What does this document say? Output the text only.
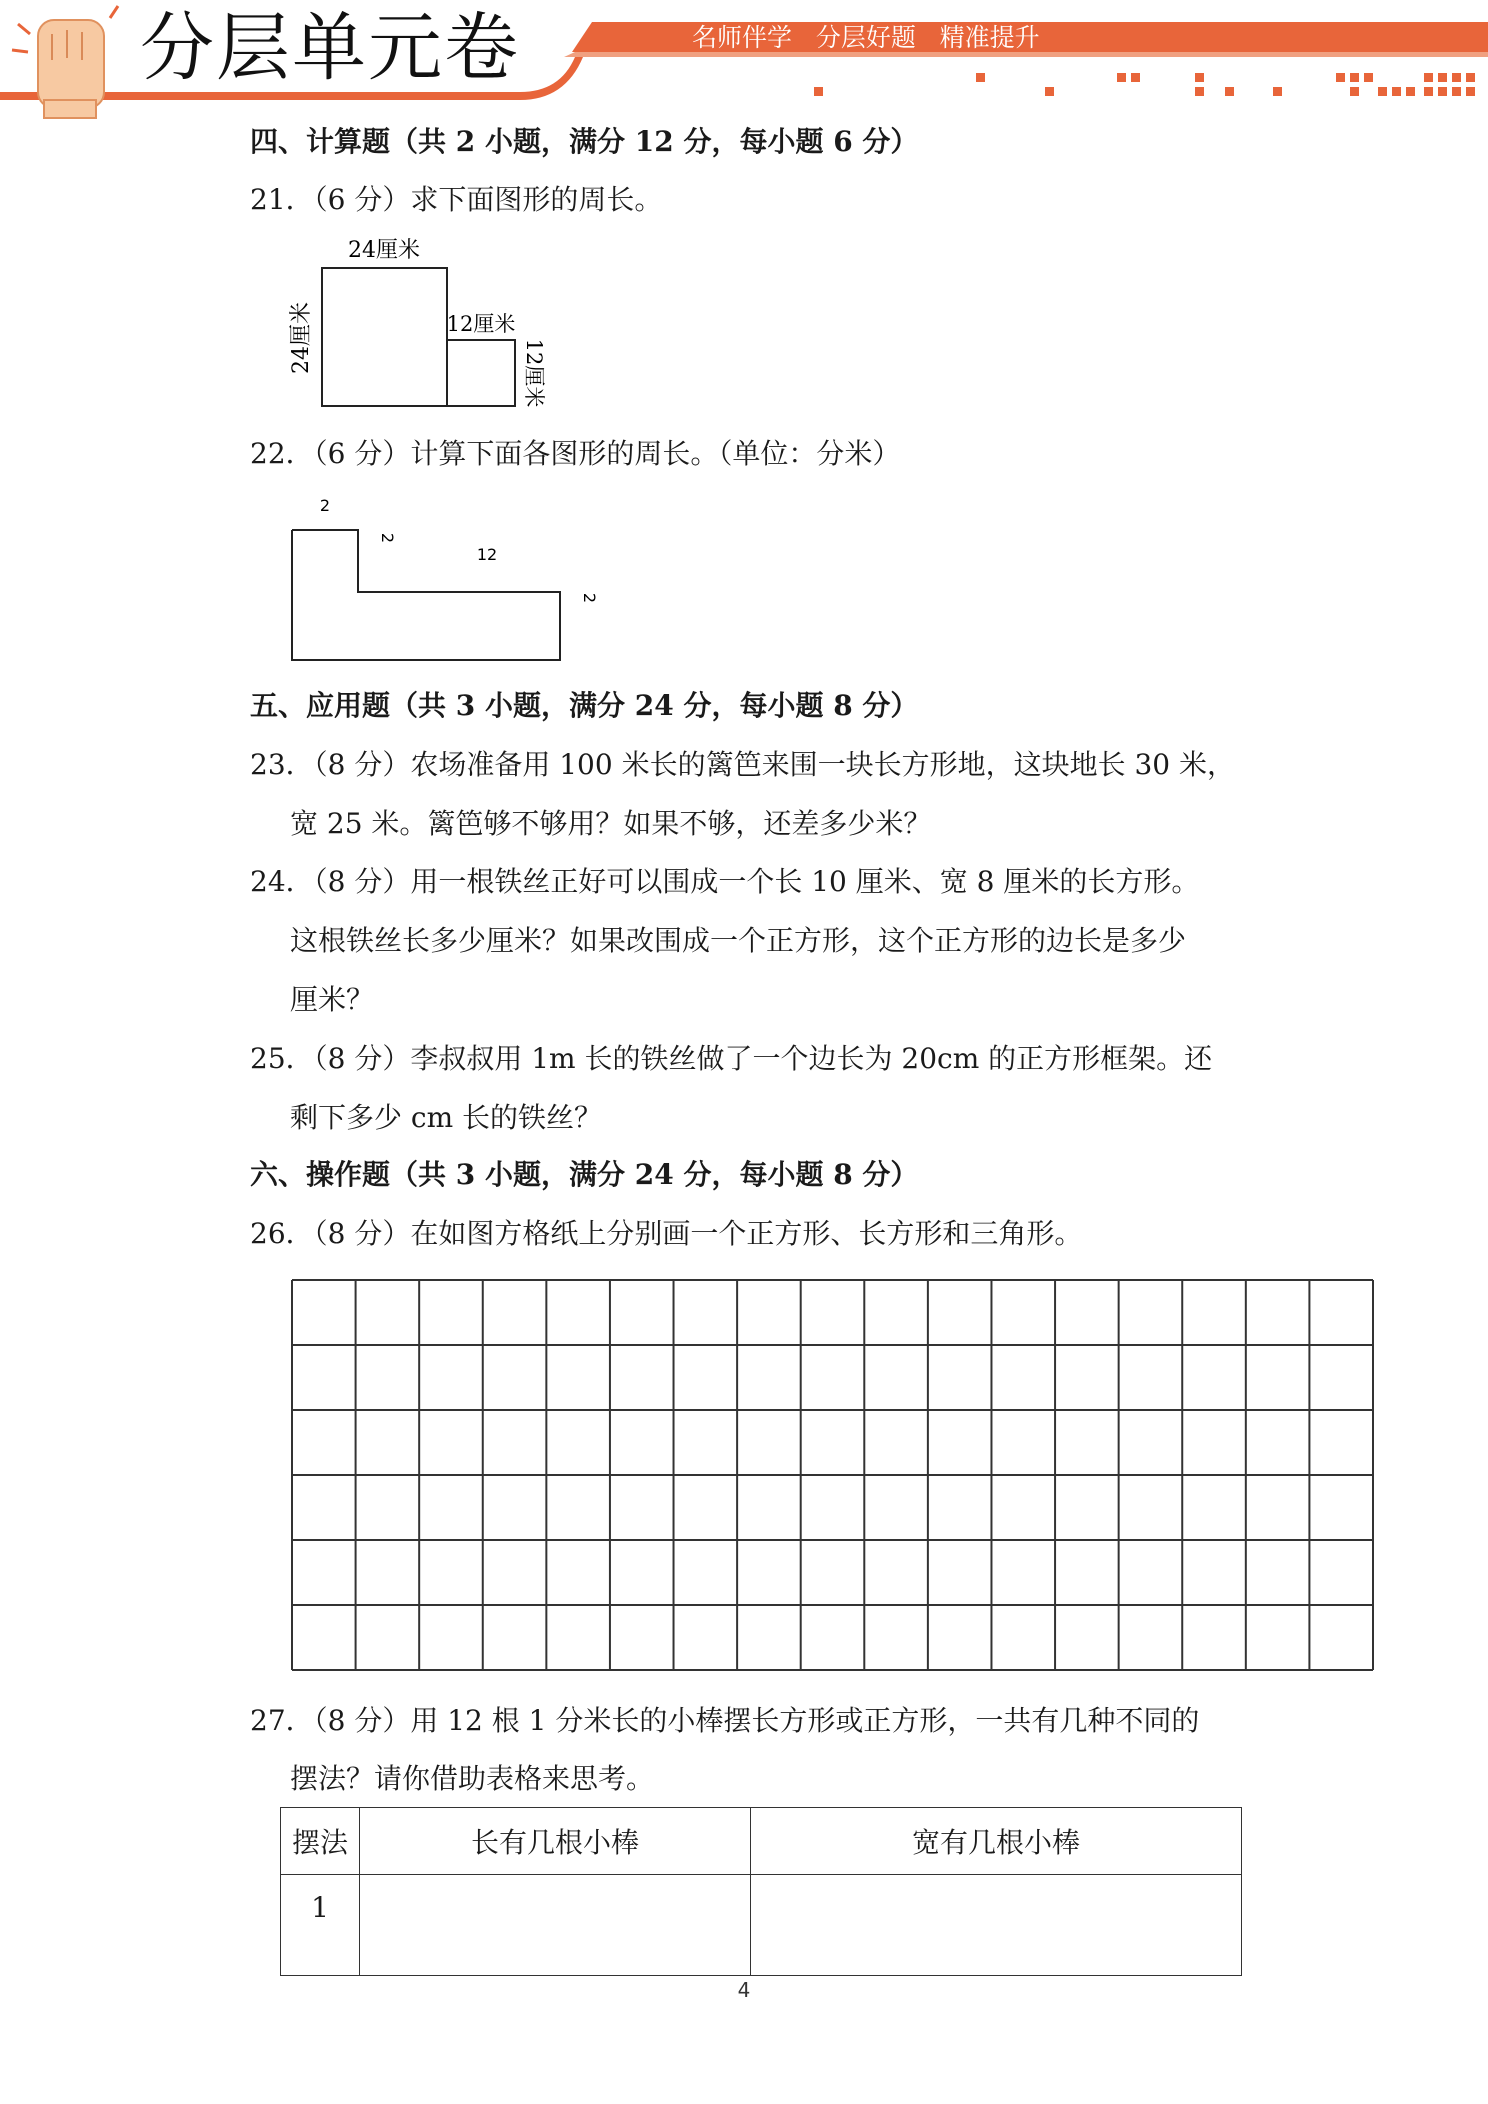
分层单元卷	名师伴学   分层好题   精准提升
四、计算题（共 2 小题，满分 12 分，每小题 6 分）
21．（6 分）求下面图形的周长。
24厘米
24厘米	12厘米
12厘米
22．（6 分）计算下面各图形的周长。（单位：分米）
2
2
12
2
五、应用题（共 3 小题，满分 24 分，每小题 8 分）
23．（8 分）农场准备用 100 米长的篱笆来围一块长方形地，这块地长 30 米，
宽 25 米。篱笆够不够用？如果不够，还差多少米？
24．（8 分）用一根铁丝正好可以围成一个长 10 厘米、宽 8 厘米的长方形。
这根铁丝长多少厘米？如果改围成一个正方形，这个正方形的边长是多少
厘米？
25．（8 分）李叔叔用 1m 长的铁丝做了一个边长为 20cm 的正方形框架。还
剩下多少 cm 长的铁丝？
六、操作题（共 3 小题，满分 24 分，每小题 8 分）
26．（8 分）在如图方格纸上分别画一个正方形、长方形和三角形。
27．（8 分）用 12 根 1 分米长的小棒摆长方形或正方形，一共有几种不同的
摆法？请你借助表格来思考。
摆法	长有几根小棒	宽有几根小棒
1		
4
